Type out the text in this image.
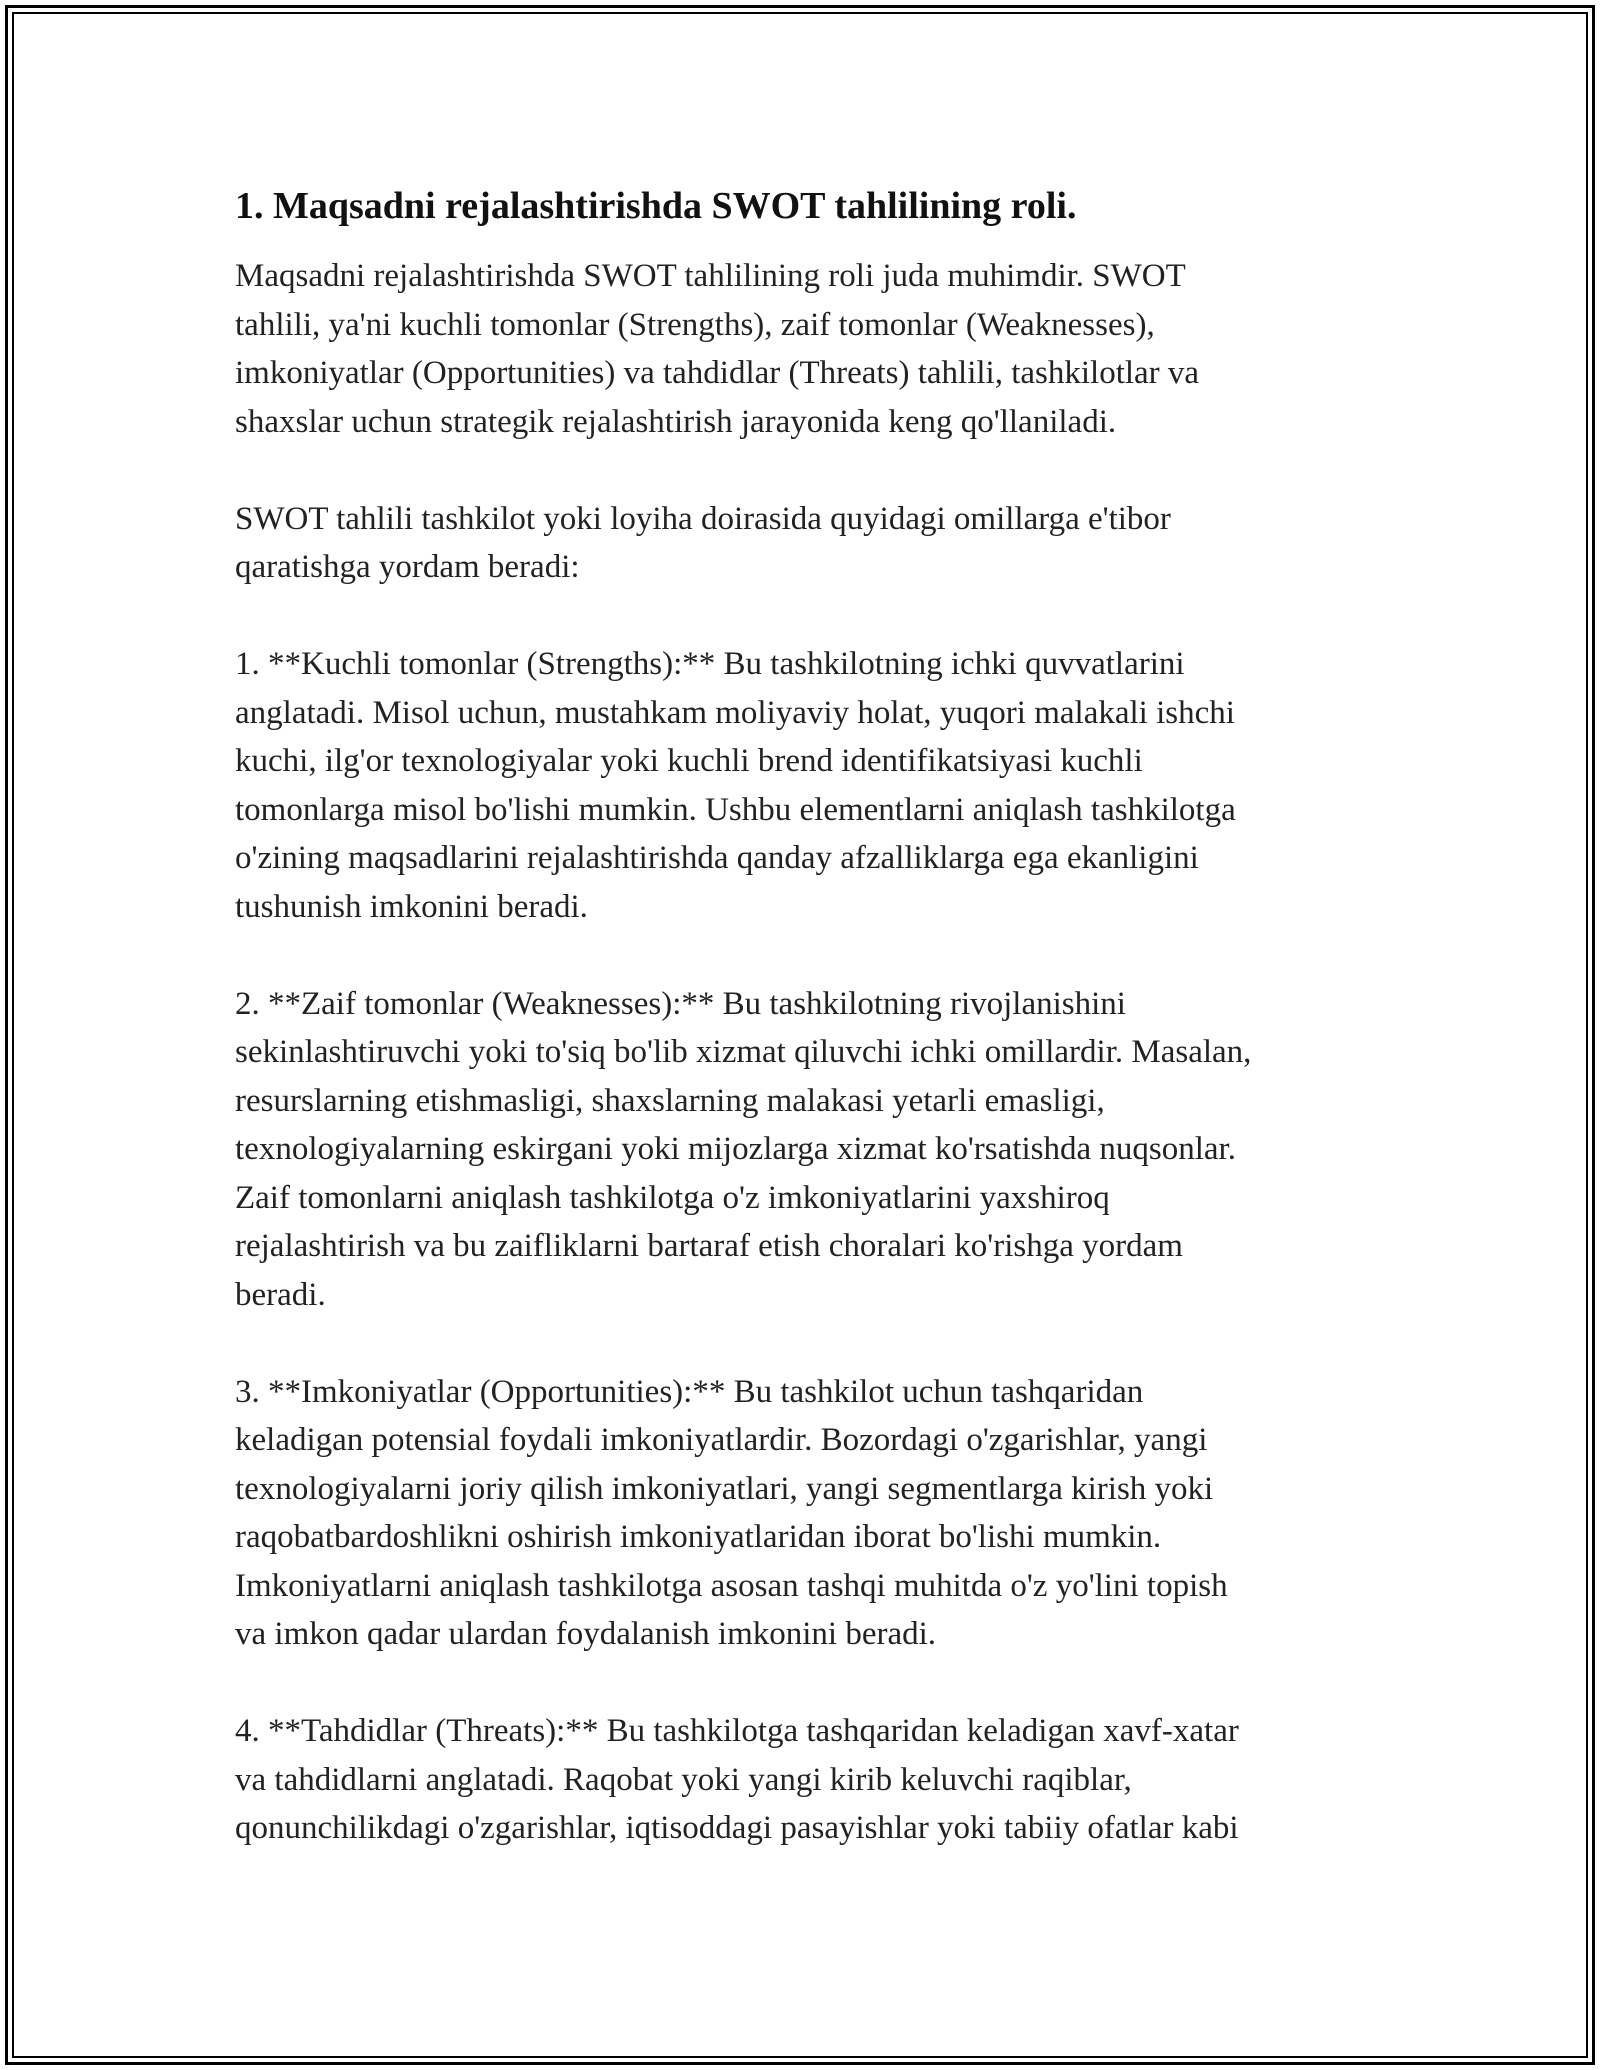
1. Maqsadni rejalashtirishda SWOT tahlilining roli.
Maqsadni rejalashtirishda SWOT tahlilining roli juda muhimdir. SWOT
tahlili, ya'ni kuchli tomonlar (Strengths), zaif tomonlar (Weaknesses),
imkoniyatlar (Opportunities) va tahdidlar (Threats) tahlili, tashkilotlar va
shaxslar uchun strategik rejalashtirish jarayonida keng qo'llaniladi.
SWOT tahlili tashkilot yoki loyiha doirasida quyidagi omillarga e'tibor
qaratishga yordam beradi:
1. **Kuchli tomonlar (Strengths):** Bu tashkilotning ichki quvvatlarini
anglatadi. Misol uchun, mustahkam moliyaviy holat, yuqori malakali ishchi
kuchi, ilg'or texnologiyalar yoki kuchli brend identifikatsiyasi kuchli
tomonlarga misol bo'lishi mumkin. Ushbu elementlarni aniqlash tashkilotga
o'zining maqsadlarini rejalashtirishda qanday afzalliklarga ega ekanligini
tushunish imkonini beradi.
2. **Zaif tomonlar (Weaknesses):** Bu tashkilotning rivojlanishini
sekinlashtiruvchi yoki to'siq bo'lib xizmat qiluvchi ichki omillardir. Masalan,
resurslarning etishmasligi, shaxslarning malakasi yetarli emasligi,
texnologiyalarning eskirgani yoki mijozlarga xizmat ko'rsatishda nuqsonlar.
Zaif tomonlarni aniqlash tashkilotga o'z imkoniyatlarini yaxshiroq
rejalashtirish va bu zaifliklarni bartaraf etish choralari ko'rishga yordam
beradi.
3. **Imkoniyatlar (Opportunities):** Bu tashkilot uchun tashqaridan
keladigan potensial foydali imkoniyatlardir. Bozordagi o'zgarishlar, yangi
texnologiyalarni joriy qilish imkoniyatlari, yangi segmentlarga kirish yoki
raqobatbardoshlikni oshirish imkoniyatlaridan iborat bo'lishi mumkin.
Imkoniyatlarni aniqlash tashkilotga asosan tashqi muhitda o'z yo'lini topish
va imkon qadar ulardan foydalanish imkonini beradi.
4. **Tahdidlar (Threats):** Bu tashkilotga tashqaridan keladigan xavf-xatar
va tahdidlarni anglatadi. Raqobat yoki yangi kirib keluvchi raqiblar,
qonunchilikdagi o'zgarishlar, iqtisoddagi pasayishlar yoki tabiiy ofatlar kabi
